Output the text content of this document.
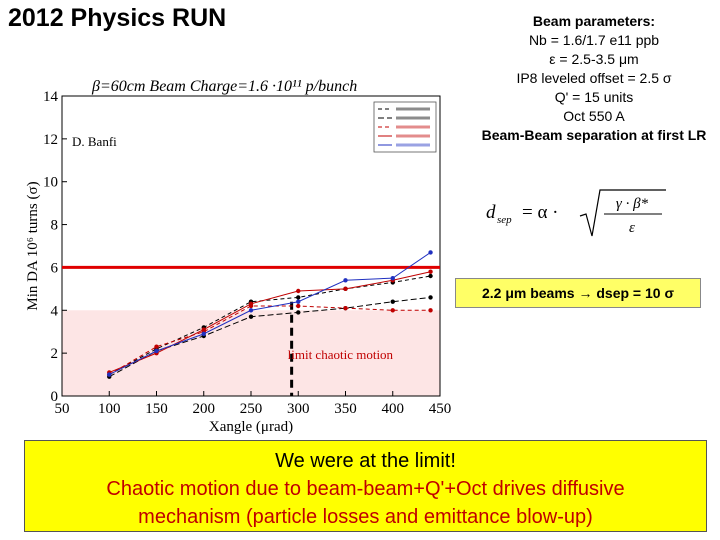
2012 Physics RUN
50 100 150 200 250 300 350 400 450
0
2
4
6
8
10
12
14
Xangle (μrad)
Min DA 10⁶ turns (σ)
β=60cm Beam Charge=1.6 ·10¹¹ p/bunch
D. Banfi
limit chaotic motion
Beam parameters:
Nb = 1.6/1.7 e11 ppb
ε = 2.5-3.5 μm
IP8 leveled offset = 2.5 σ
Q' = 15 units
Oct 550 A
Beam-Beam separation at first LR
d sep = α ·	γ · β*
ε
2.2 μm beams → dsep = 10 σ
We were at the limit!
Chaotic motion due to beam-beam+Q'+Oct drives diffusive
mechanism (particle losses and emittance blow-up)
